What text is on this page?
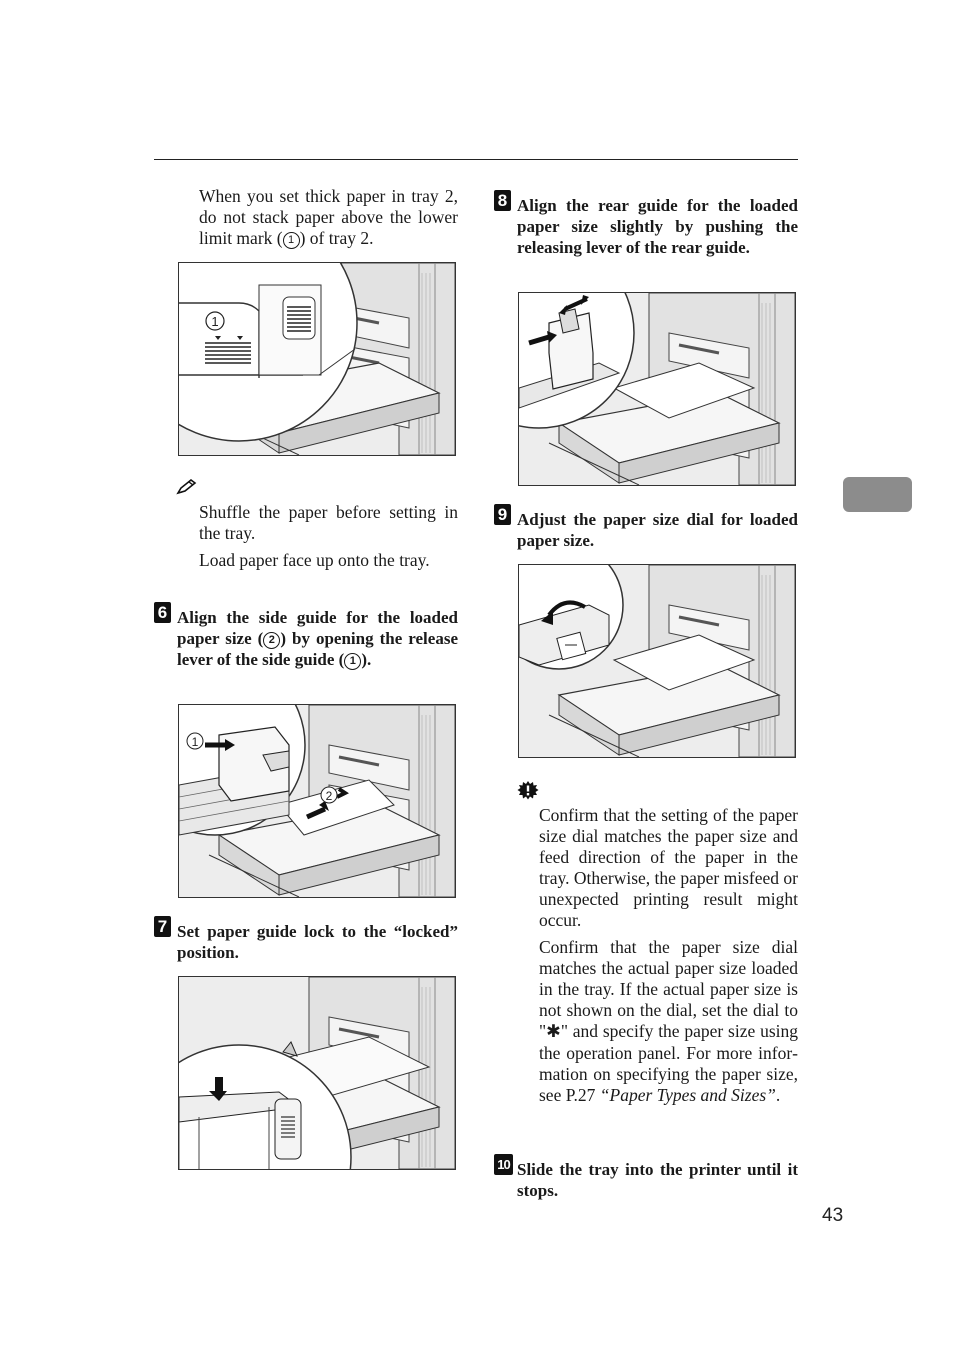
When you set thick paper in tray 2, do not stack paper above the lower limit mark ( 1 ) of tray 2.

1

Shuffle the paper before setting in the tray.

Load paper face up onto the tray.

6 Align the side guide for the loaded paper size ( 2 ) by opening the release lever of the side guide ( 1 ).
1
2
7 Set paper guide lock to the “locked” position.
8 Align the rear guide for the loaded paper size slightly by pushing the releasing lever of the rear guide.
9 Adjust the paper size dial for loaded paper size.

Confirm that the setting of the paper size dial matches the paper size and feed direction of the paper in the tray. Otherwise, the paper misfeed or unexpected printing result might occur.

Confirm that the paper size dial matches the actual paper size loaded in the tray. If the actual paper size is not shown on the dial, set the dial to "✱" and specify the paper size using the operation panel. For more information on specifying the paper size, see P.27 “Paper Types and Sizes”.

10 Slide the tray into the printer until it stops.
43
